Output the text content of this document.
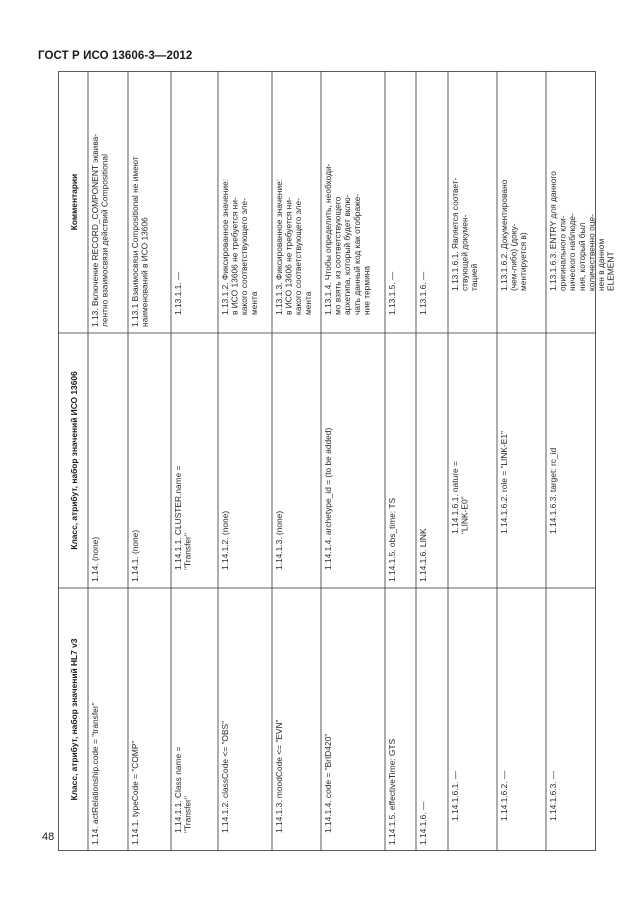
ГОСТ Р ИСО 13606-3—2012
Класс, атрибут, набор значений HL7 v3
Класс, атрибут, набор значений ИСО 13606
Комментарии
1.14. actRelationship.code = "transfer"
1.14. (none)
1.13. Включение RECORD_COMPONENT эквива- лентно взаимосвязи действий Compositional
1.14.1. typeCode = "COMP"
1.14.1. (none)
1.13.1 Взаимосвязи Compositional не имеют наименований в ИСО 13606
1.14.1.1. Class name = "Transfer"
1.14.1.1. CLUSTER.name = "Transfer"
1.13.1.1. —
1.14.1.2. classCode <= "OBS"
1.14.1.2. (none)
1.13.1.2. Фиксированное значение: в ИСО 13606 не требуется ни- какого соответствующего эле- мента
1.14.1.3. moodCode <= "EVN"
1.14.1.3. (none)
1.13.1.3. Фиксированное значение: в ИСО 13606 не требуется ни- какого соответствующего эле- мента
1.14.1.4. code = "BrID420"
1.14.1.4. archetype_id = (to be added)
1.13.1.4. Чтобы определить, необходи- мо взять из соответствующего архетипа, который будет вклю- чать данный код как отображе- ние термина
1.14.1.5. effectiveTime: GTS
1.14.1.5. obs_time: TS
1.13.1.5. —
1.14.1.6. —
1.14.1.6. LINK
1.13.1.6. —
1.14.1.6.1. —
1.14.1.6.1. nature = "LINK-E0"
1.13.1.6.1. Является соответ- ствующей докумен- тацией
1.14.1.6.2. —
1.14.1.6.2. role = "LINK-E1"
1.13.1.6.2. Документировано (чем-либо) (доку- ментируется в)
1.14.1.6.3. —
1.14.1.6.3. target: rc_id
1.13.1.6.3. ENTRY для данного оригинального кли- нического наблюде- ния, который был количественно оце- нен в данном ELEMENT
48
